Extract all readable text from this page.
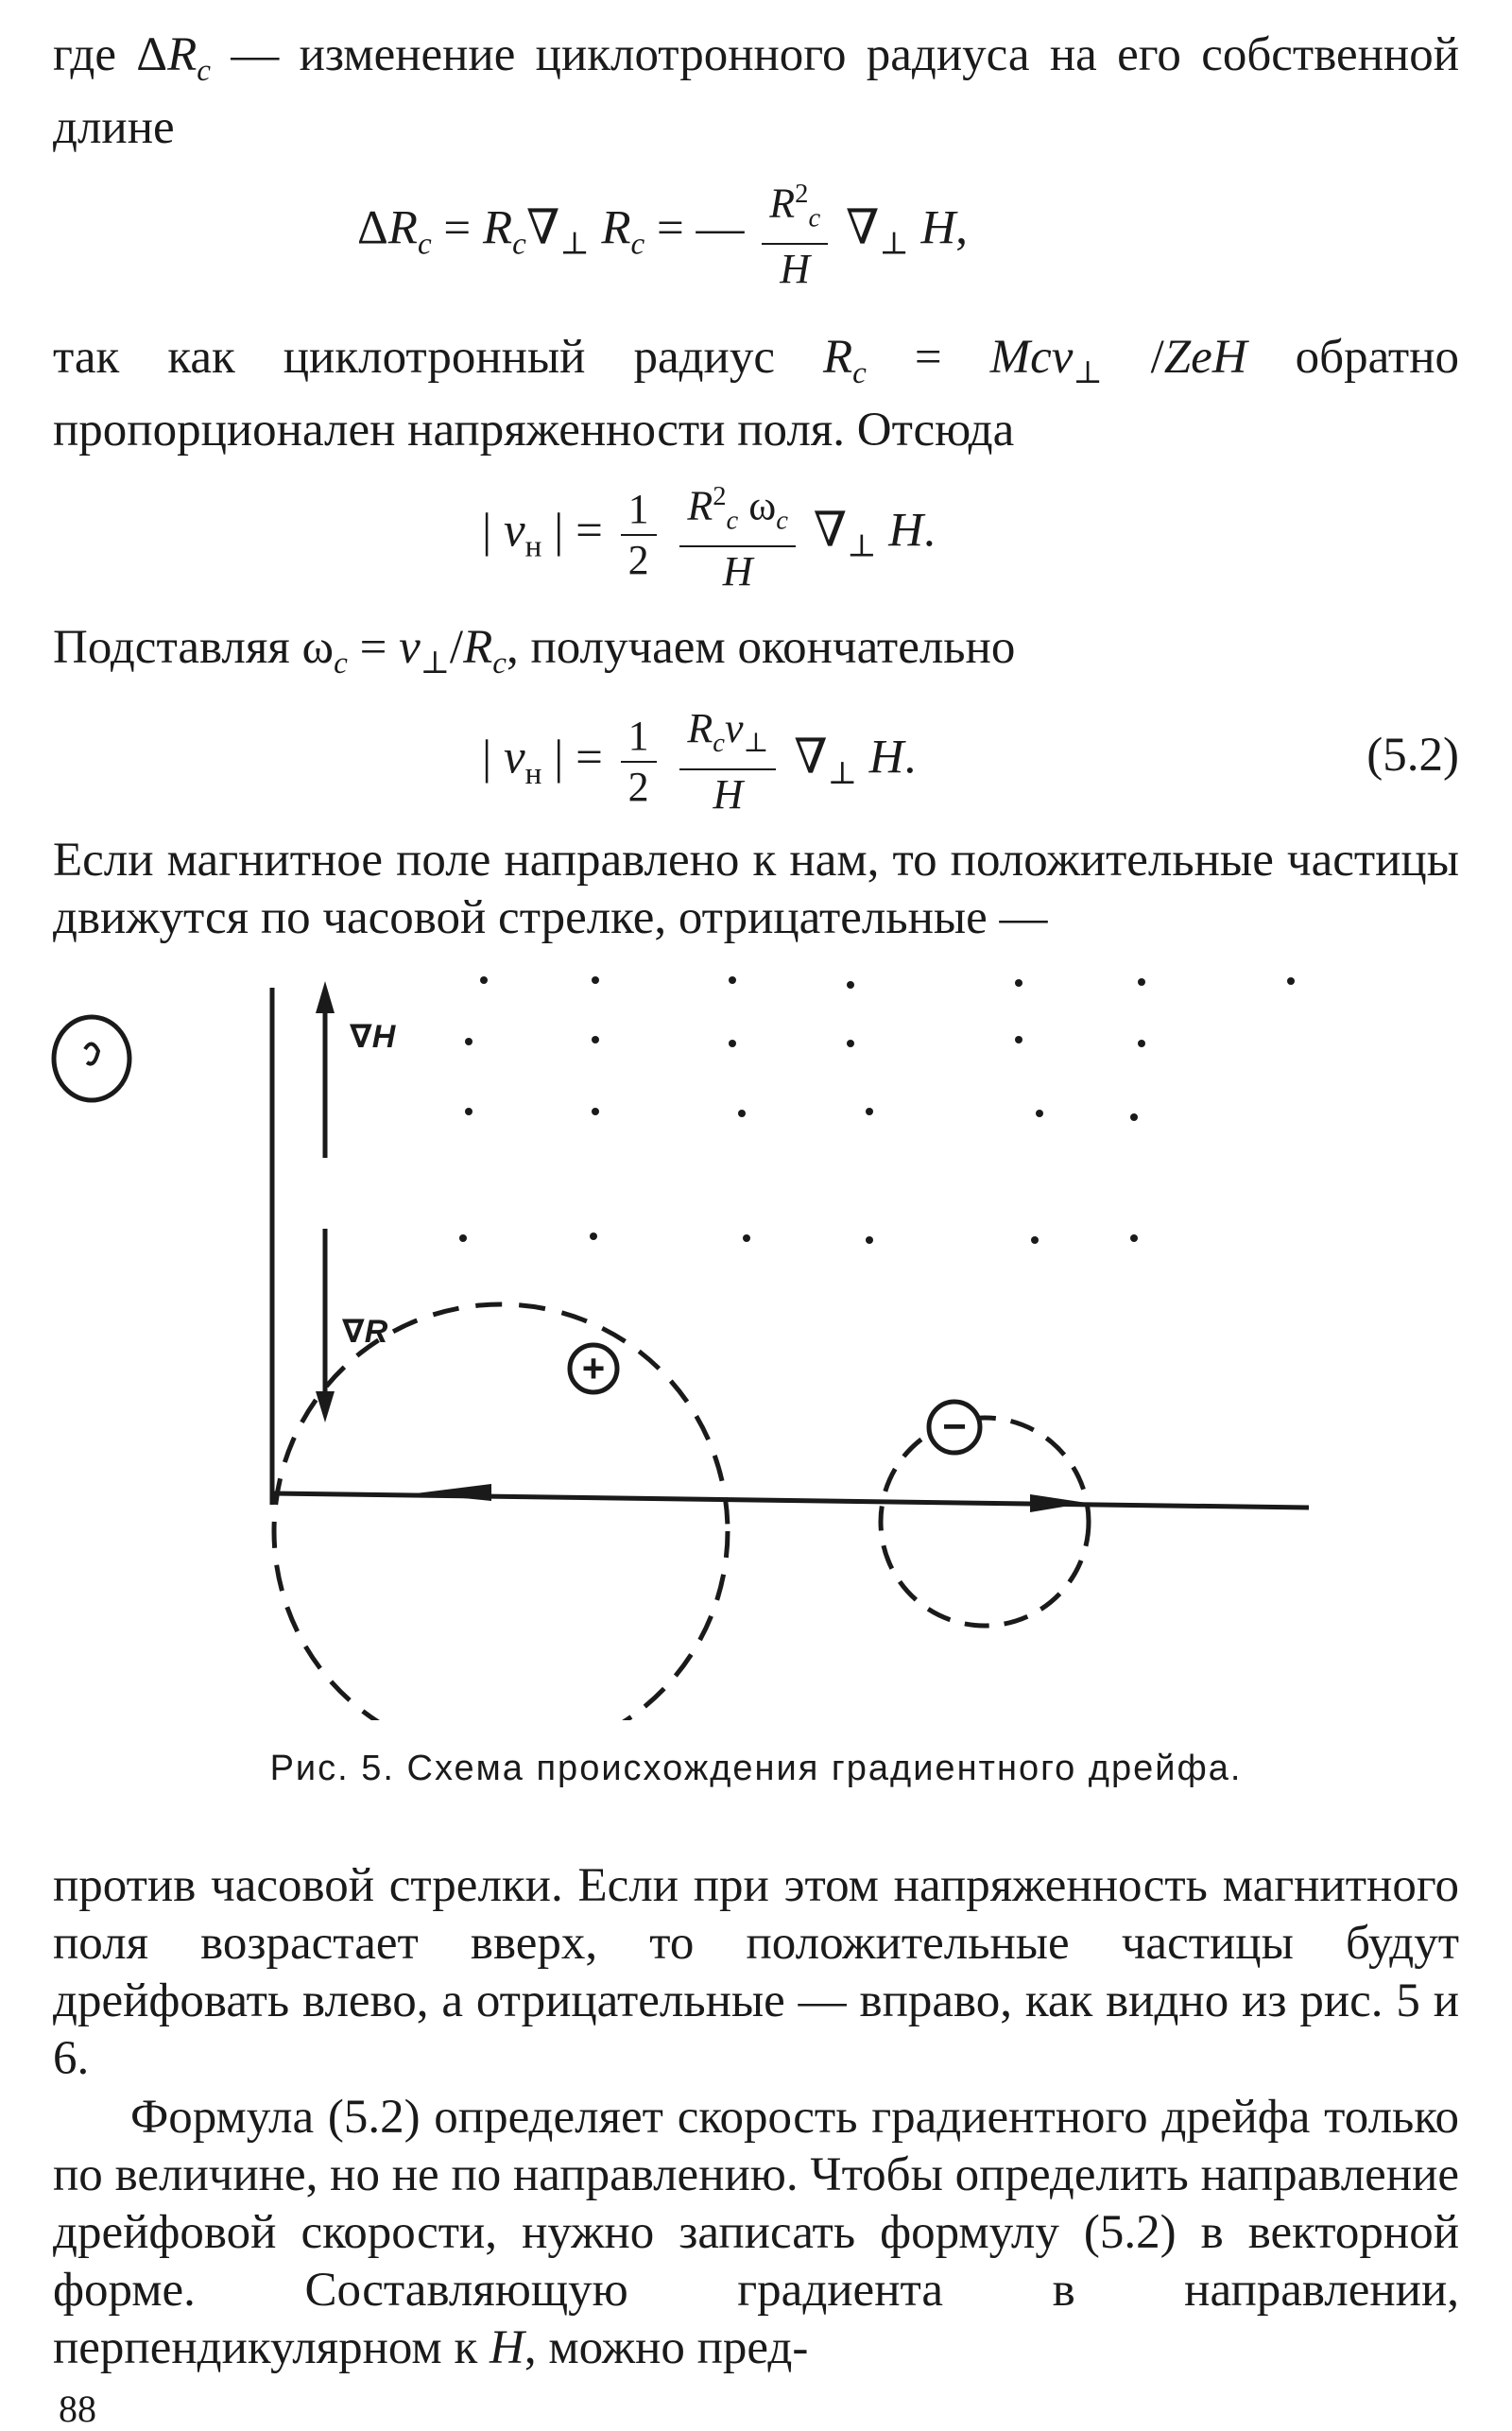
где $\Delta R_c$ — изменение циклотронного радиуса на его собственной длине

$\Delta R_c = R_c\nabla_\perp$ $R_c$ = — $\frac{R^2_c}{H} \nabla_\perp$ H,

так как циклотронный радиус $R_c = Mcv_\perp$ /ZeH обратно пропорционален напряженности поля. Отсюда

| $v_н$ | = $\frac{1}{2}$
$\frac{R^2_c \omega_c}{H} \nabla_\perp$ H.

Подставляя $\omega_c = v_\perp/R_c$, получаем окончательно

| $v_н$ | = $\frac{1}{2}$
$\frac{R_cv_\perp}{H} \nabla_\perp$ H.	(5.2)

Если магнитное поле направлено к нам, то положительные частицы движутся по часовой стрелке, отрицательные —

∇H
∇R
+
−
Рис. 5. Схема происхождения градиентного дрейфа.

против часовой стрелки. Если при этом напряженность магнитного поля возрастает вверх, то положительные частицы будут дрейфовать влево, а отрицательные — вправо, как видно из рис. 5 и 6.

Формула (5.2) определяет скорость градиентного дрейфа только по величине, но не по направлению. Чтобы определить направление дрейфовой скорости, нужно записать формулу (5.2) в векторной форме. Составляющую градиента в направлении, перпендикулярном к H, можно пред-

88
